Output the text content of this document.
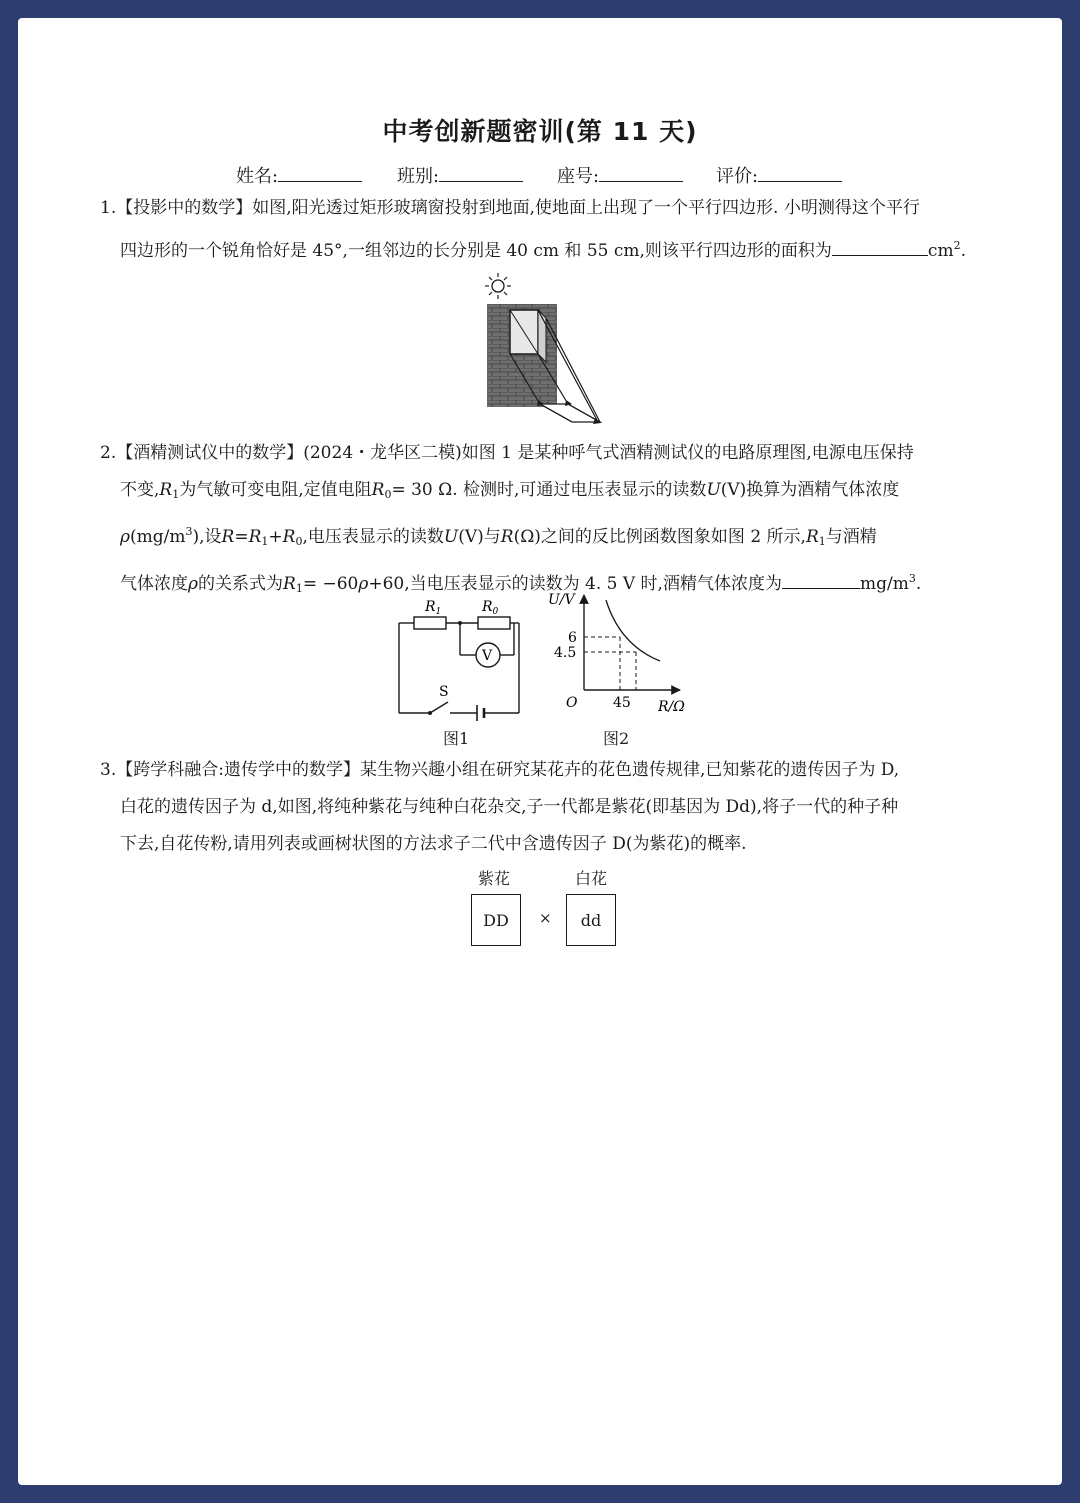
中考创新题密训(第 11 天)
姓名:	班别:	座号:	评价:

1.【投影中的数学】如图,阳光透过矩形玻璃窗投射到地面,使地面上出现了一个平行四边形. 小明测得这个平行

四边形的一个锐角恰好是 45°,一组邻边的长分别是 40 cm 和 55 cm,则该平行四边形的面积为	$cm^2$.

2.【酒精测试仪中的数学】(2024・龙华区二模)如图 1 是某种呼气式酒精测试仪的电路原理图,电源电压保持

不变$,R_1$为气敏可变电阻,定值电阻$R_0= 30$ Ω. 检测时,可通过电压表显示的读数U(V)换算为酒精气体浓度

$\rho(mg/m^3)$,设$R=R_1+R_0$,电压表显示的读数U(V)与R(Ω)之间的反比例函数图象如图 2 所示$,R_1$与酒精

气体浓度ρ的关系式为$R_1= -60\rho+60$,当电压表显示的读数为 4. 5 V 时,酒精气体浓度为	$mg/m^3$.

$R_1$	$R_0$
V
S
图1
U/V
6
4.5
O	45 R/Ω
图2

3.【跨学科融合:遗传学中的数学】某生物兴趣小组在研究某花卉的花色遗传规律,已知紫花的遗传因子为 D,

白花的遗传因子为 d,如图,将纯种紫花与纯种白花杂交,子一代都是紫花(即基因为 Dd),将子一代的种子种

下去,自花传粉,请用列表或画树状图的方法求子二代中含遗传因子 D(为紫花)的概率.

紫花	白花
DD	×	dd
